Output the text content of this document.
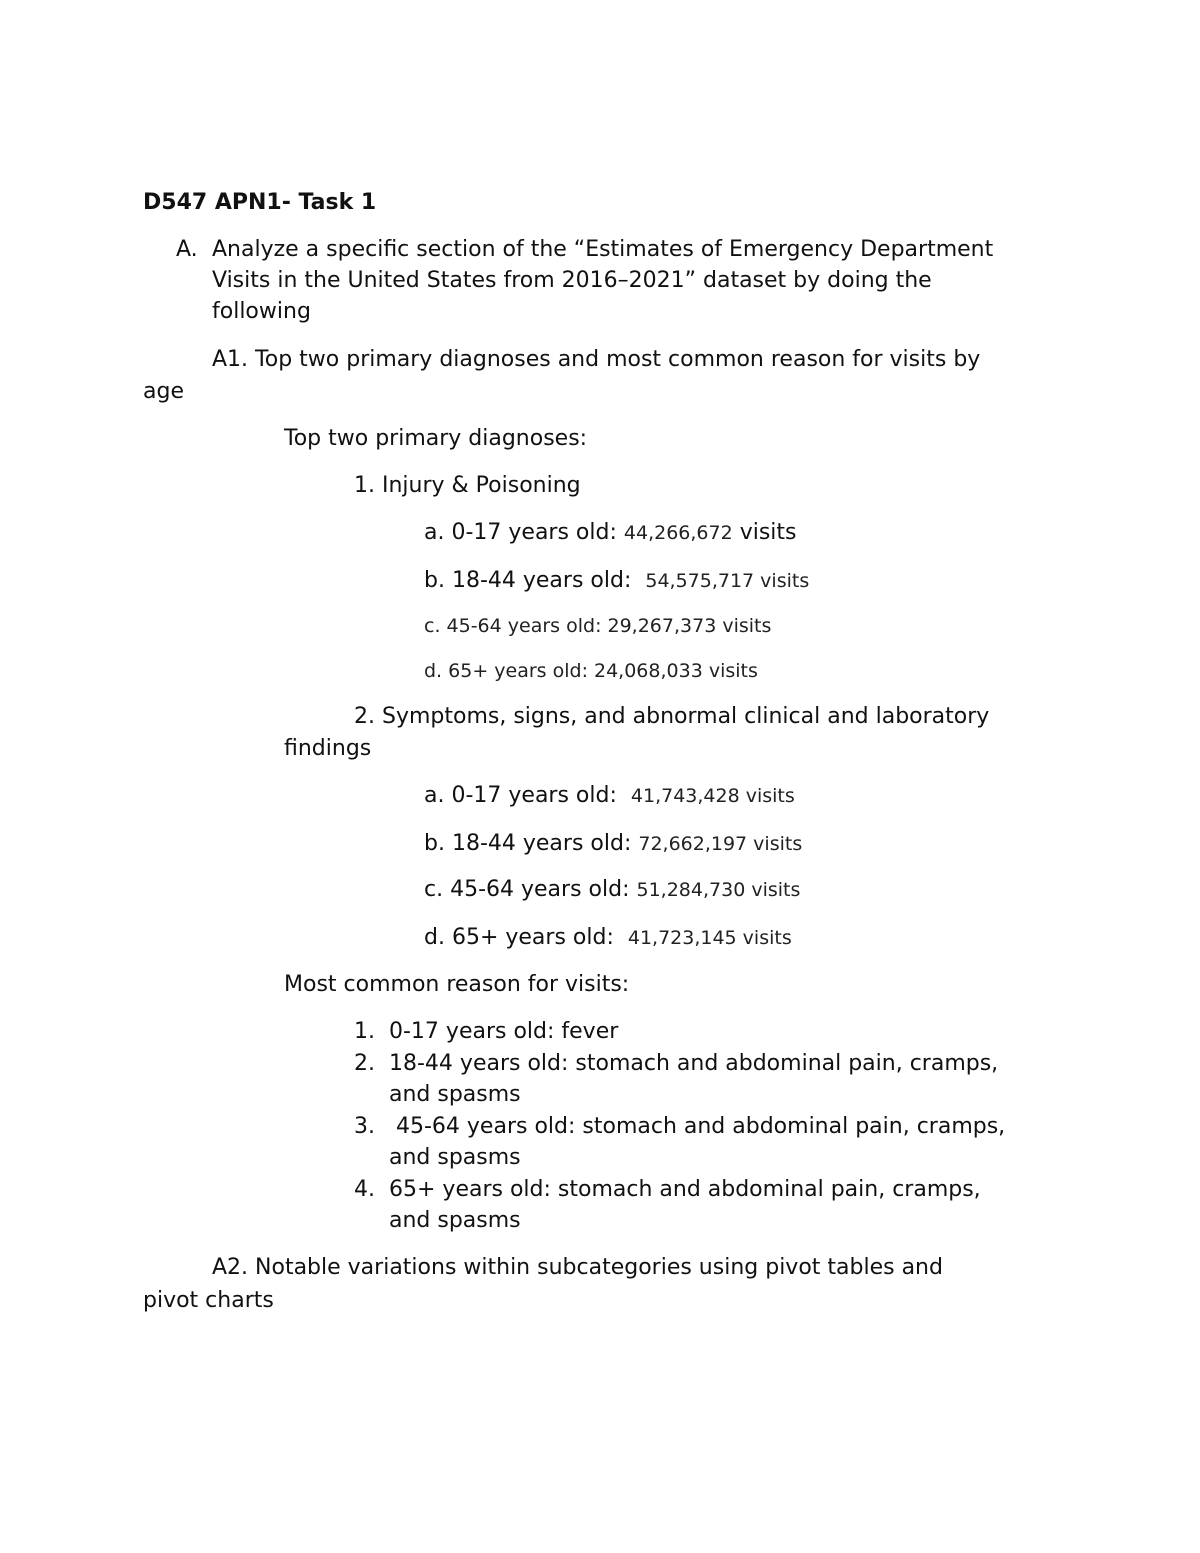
D547 APN1- Task 1
A. Analyze a specific section of the “Estimates of Emergency Department
Visits in the United States from 2016–2021” dataset by doing the
following
A1. Top two primary diagnoses and most common reason for visits by
age
Top two primary diagnoses:
1. Injury & Poisoning
a. 0-17 years old: 44,266,672 visits
b. 18-44 years old: 54,575,717 visits
c. 45-64 years old: 29,267,373 visits
d. 65+ years old: 24,068,033 visits
2. Symptoms, signs, and abnormal clinical and laboratory
findings
a. 0-17 years old: 41,743,428 visits
b. 18-44 years old: 72,662,197 visits
c. 45-64 years old: 51,284,730 visits
d. 65+ years old: 41,723,145 visits
Most common reason for visits:
1. 0-17 years old: fever
2. 18-44 years old: stomach and abdominal pain, cramps,
and spasms
3. 45-64 years old: stomach and abdominal pain, cramps,
and spasms
4. 65+ years old: stomach and abdominal pain, cramps,
and spasms
A2. Notable variations within subcategories using pivot tables and
pivot charts
